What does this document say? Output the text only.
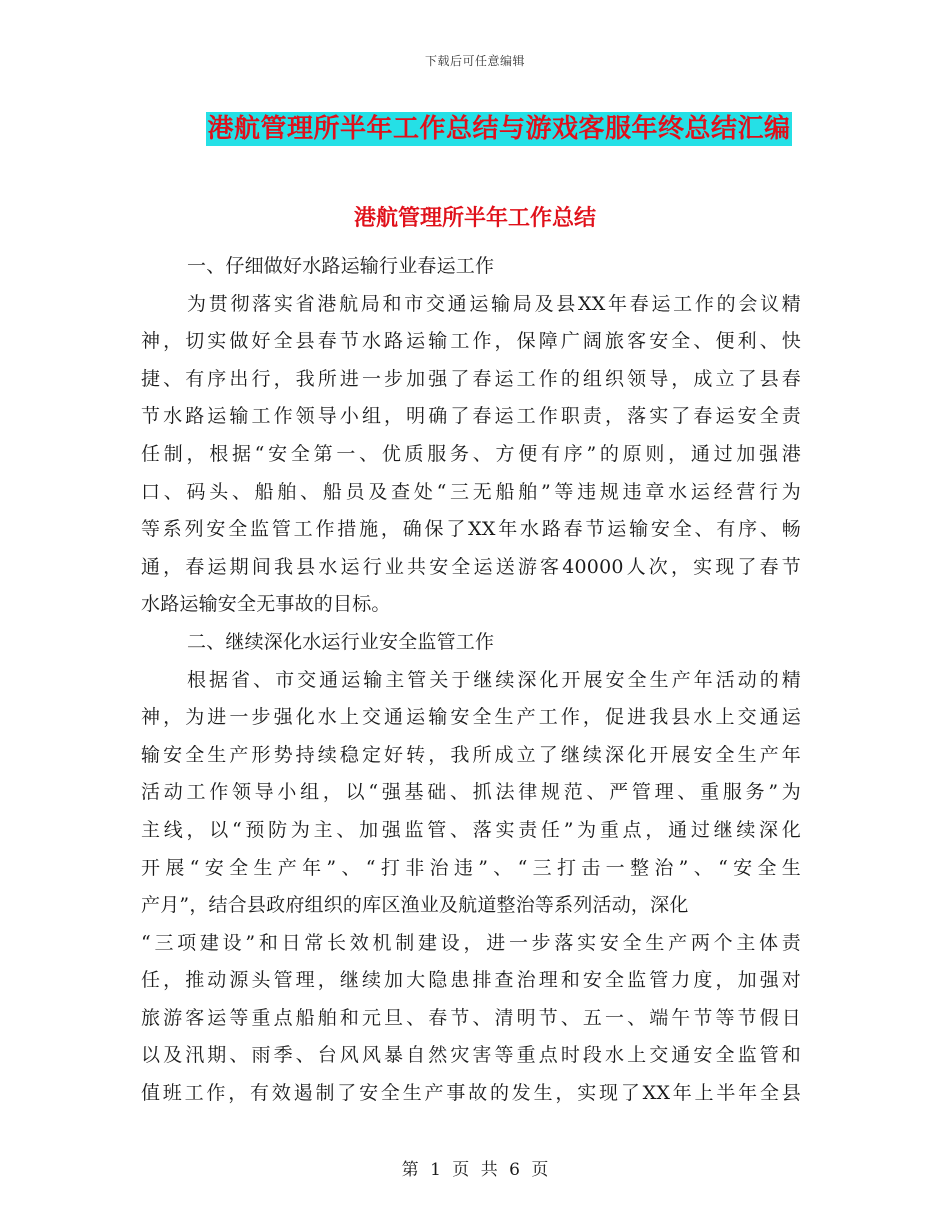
下载后可任意编辑
港航管理所半年工作总结与游戏客服年终总结汇编
港航管理所半年工作总结
一、仔细做好水路运输行业春运工作
为贯彻落实省港航局和市交通运输局及县XX年春运工作的会议精
神，切实做好全县春节水路运输工作，保障广阔旅客安全、便利、快
捷、有序出行，我所进一步加强了春运工作的组织领导，成立了县春
节水路运输工作领导小组，明确了春运工作职责，落实了春运安全责
任制，根据“安全第一、优质服务、方便有序”的原则，通过加强港
口、码头、船舶、船员及查处“三无船舶”等违规违章水运经营行为
等系列安全监管工作措施，确保了XX年水路春节运输安全、有序、畅
通，春运期间我县水运行业共安全运送游客40000人次，实现了春节
水路运输安全无事故的目标。
二、继续深化水运行业安全监管工作
根据省、市交通运输主管关于继续深化开展安全生产年活动的精
神，为进一步强化水上交通运输安全生产工作，促进我县水上交通运
输安全生产形势持续稳定好转，我所成立了继续深化开展安全生产年
活动工作领导小组，以“强基础、抓法律规范、严管理、重服务”为
主线，以“预防为主、加强监管、落实责任”为重点，通过继续深化
开展“安全生产年”、“打非治违”、“三打击一整治”、“安全生
产月”，结合县政府组织的库区渔业及航道整治等系列活动，深化
“三项建设”和日常长效机制建设，进一步落实安全生产两个主体责
任，推动源头管理，继续加大隐患排查治理和安全监管力度，加强对
旅游客运等重点船舶和元旦、春节、清明节、五一、端午节等节假日
以及汛期、雨季、台风风暴自然灾害等重点时段水上交通安全监管和
值班工作，有效遏制了安全生产事故的发生，实现了XX年上半年全县
第 1 页 共 6 页
